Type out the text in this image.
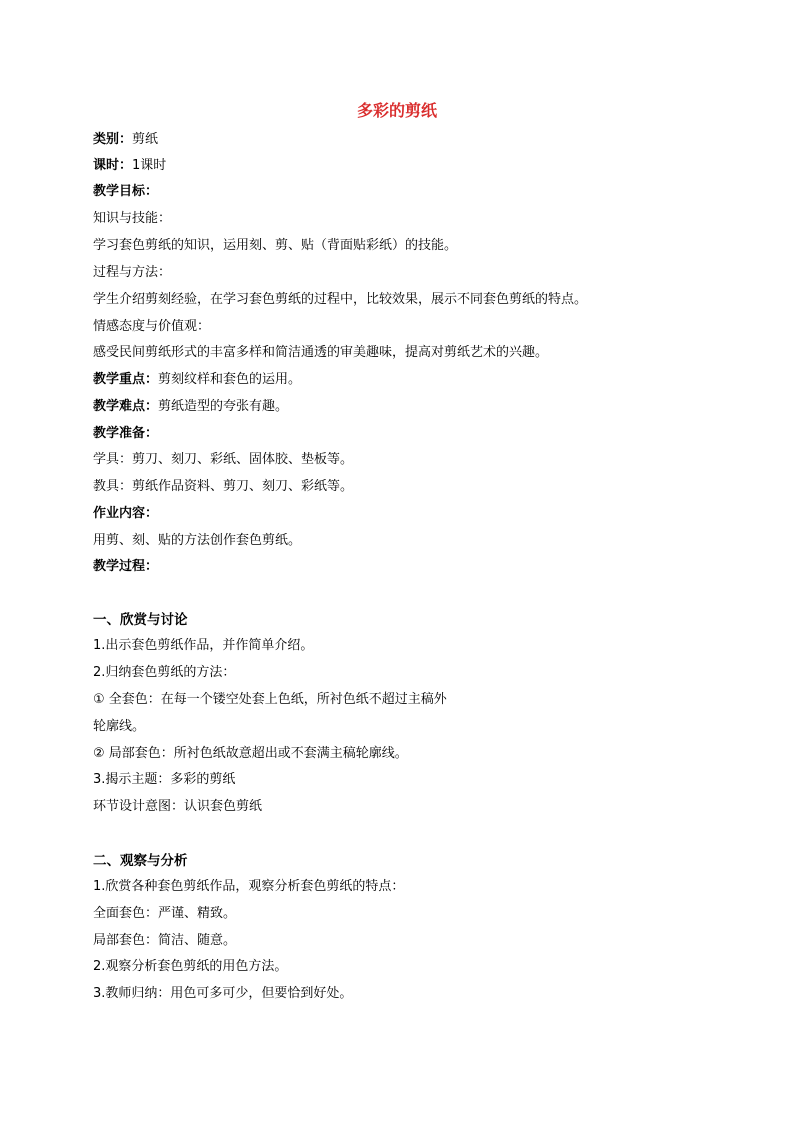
多彩的剪纸
类别：剪纸
课时：1课时
教学目标：
知识与技能：
学习套色剪纸的知识，运用刻、剪、贴（背面贴彩纸）的技能。
过程与方法：
学生介绍剪刻经验，在学习套色剪纸的过程中，比较效果，展示不同套色剪纸的特点。
情感态度与价值观：
感受民间剪纸形式的丰富多样和简洁通透的审美趣味，提高对剪纸艺术的兴趣。
教学重点：剪刻纹样和套色的运用。
教学难点：剪纸造型的夸张有趣。
教学准备：
学具：剪刀、刻刀、彩纸、固体胶、垫板等。
教具：剪纸作品资料、剪刀、刻刀、彩纸等。
作业内容：
用剪、刻、贴的方法创作套色剪纸。
教学过程：
一、欣赏与讨论
1.出示套色剪纸作品，并作简单介绍。
2.归纳套色剪纸的方法：
① 全套色：在每一个镂空处套上色纸，所衬色纸不超过主稿外
轮廓线。
② 局部套色：所衬色纸故意超出或不套满主稿轮廓线。
3.揭示主题：多彩的剪纸
环节设计意图：认识套色剪纸
二、观察与分析
1.欣赏各种套色剪纸作品，观察分析套色剪纸的特点：
全面套色：严谨、精致。
局部套色：简洁、随意。
2.观察分析套色剪纸的用色方法。
3.教师归纳：用色可多可少，但要恰到好处。
